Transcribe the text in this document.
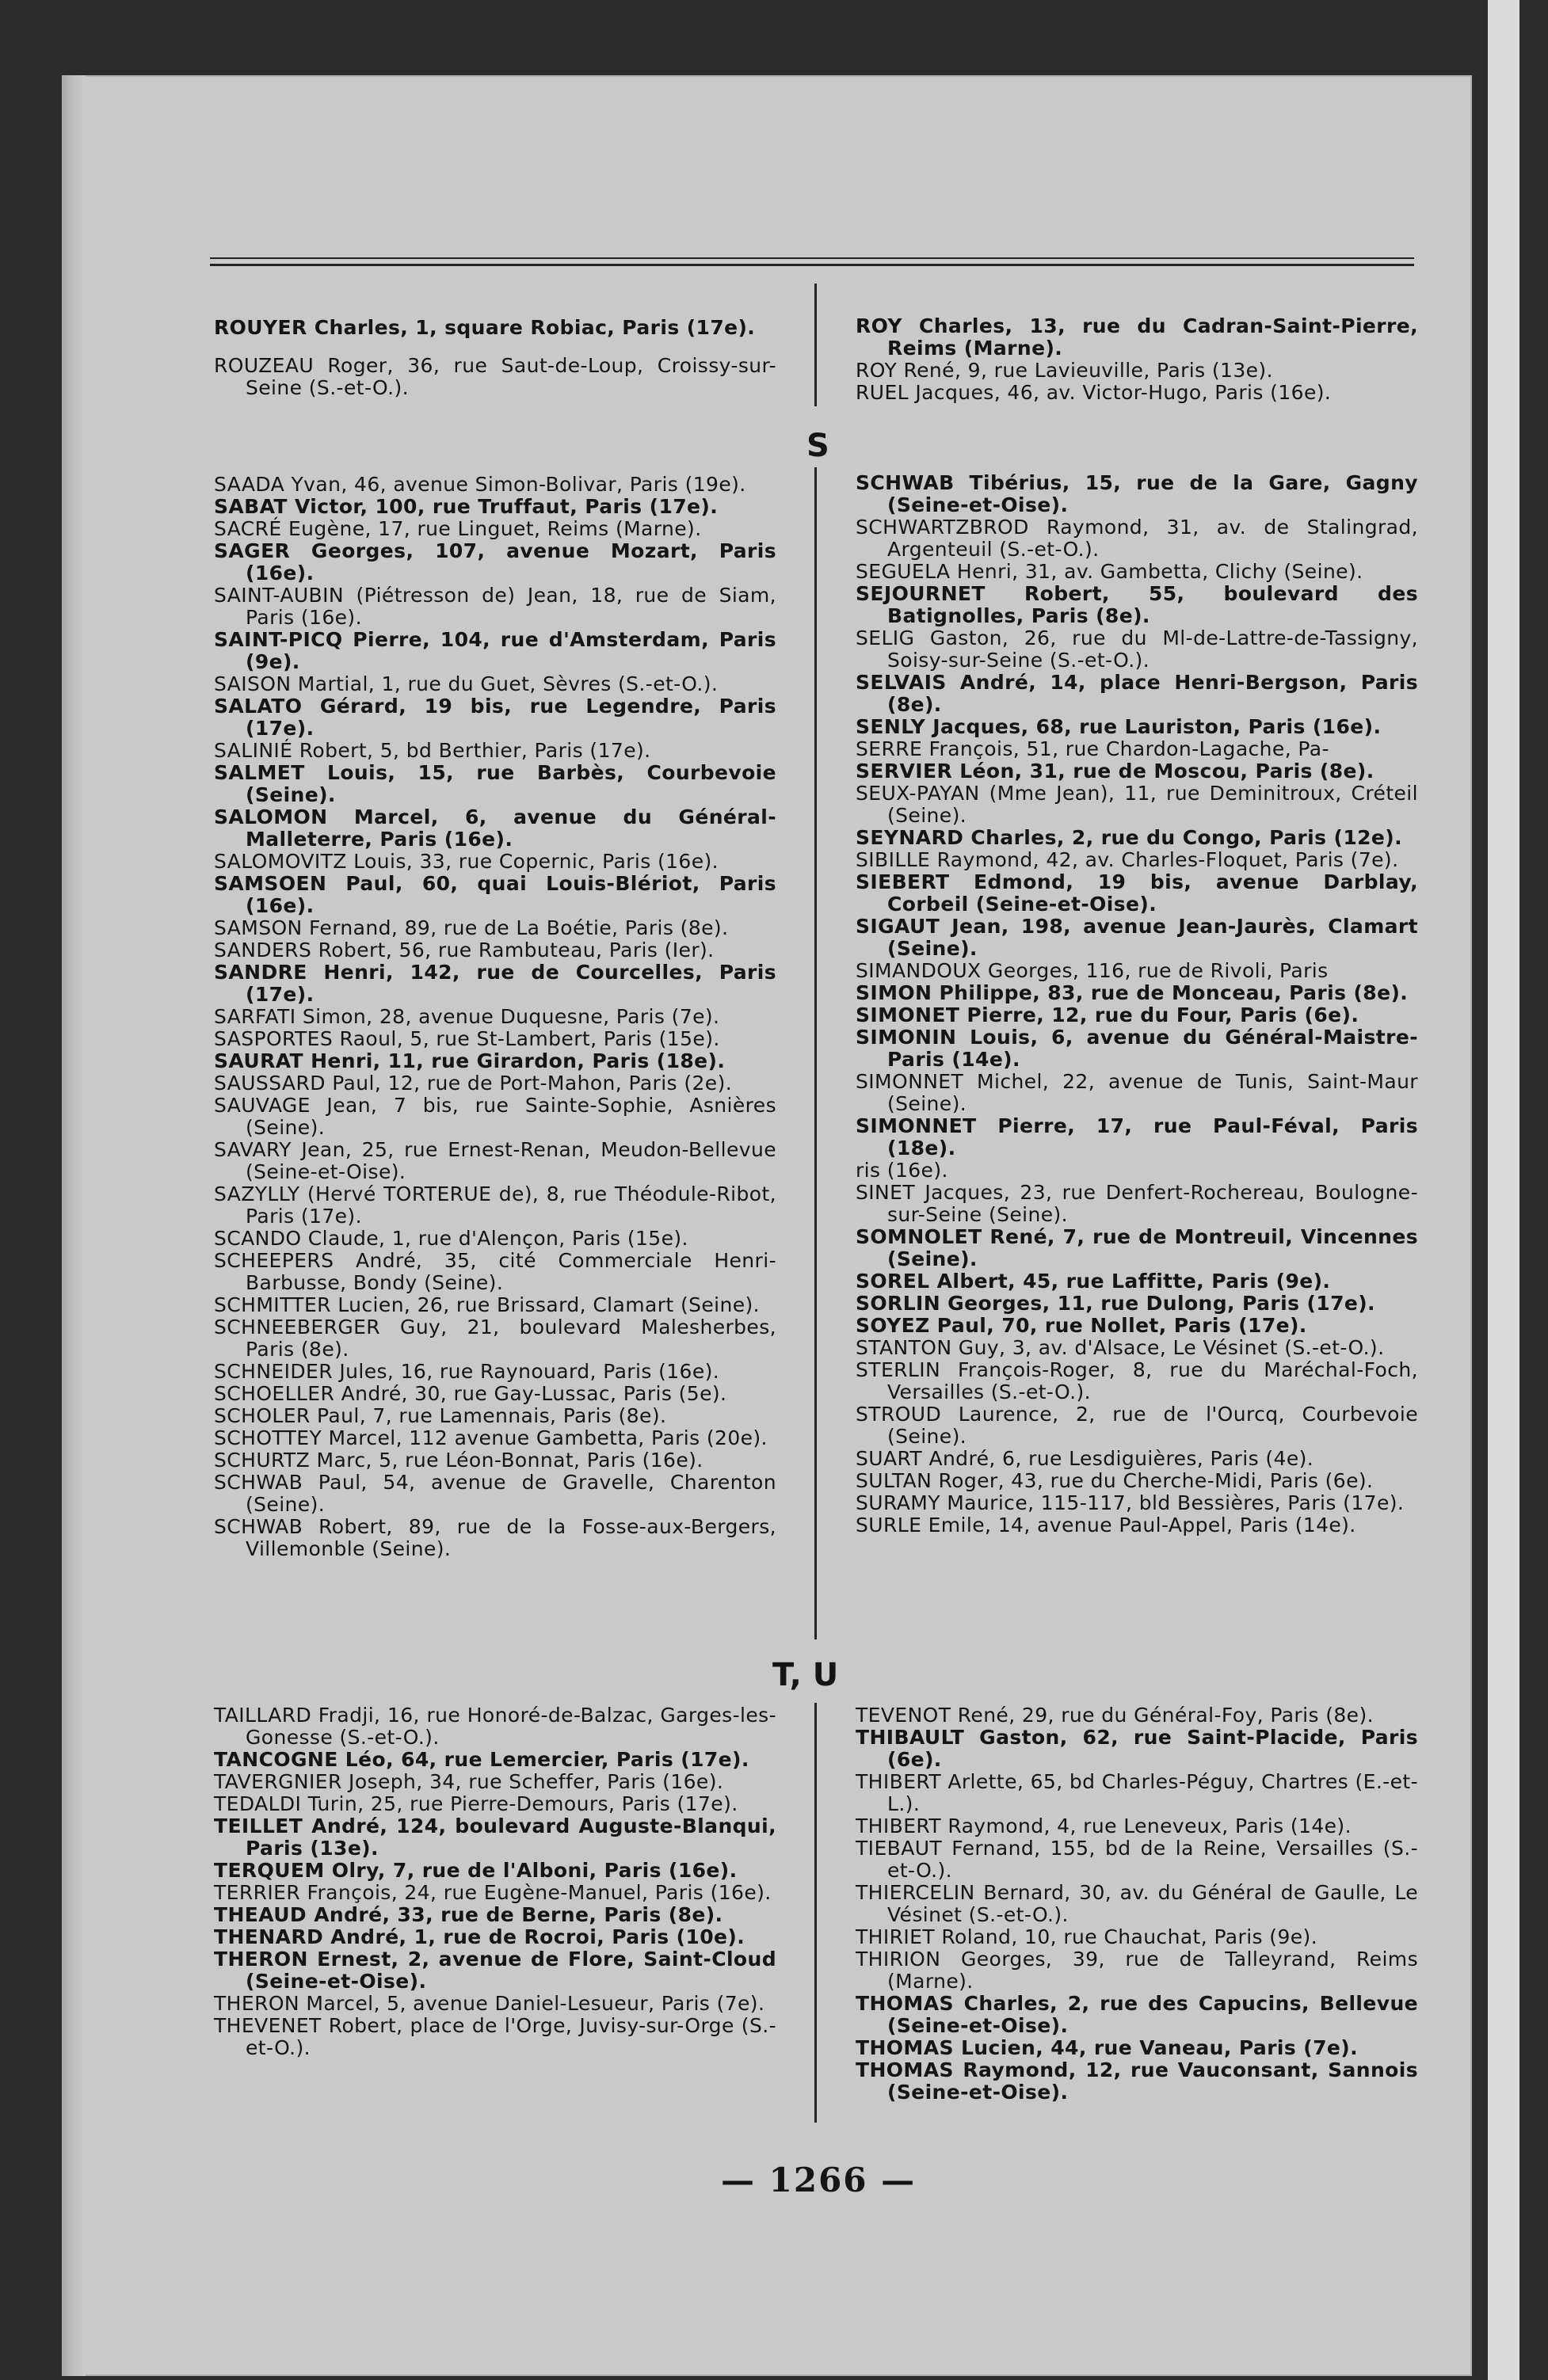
ROUYER Charles, 1, square Robiac, Paris (17e).

ROUZEAU Roger, 36, rue Saut-de-Loup, Croissy-sur-Seine (S.-et-O.).

ROY Charles, 13, rue du Cadran-Saint-Pierre, Reims (Marne).

ROY René, 9, rue Lavieuville, Paris (13e).

RUEL Jacques, 46, av. Victor-Hugo, Paris (16e).

S

SAADA Yvan, 46, avenue Simon-Bolivar, Paris (19e).

SABAT Victor, 100, rue Truffaut, Paris (17e).

SACRÉ Eugène, 17, rue Linguet, Reims (Marne).

SAGER Georges, 107, avenue Mozart, Paris (16e).

SAINT-AUBIN (Piétresson de) Jean, 18, rue de Siam, Paris (16e).

SAINT-PICQ Pierre, 104, rue d'Amsterdam, Paris (9e).

SAISON Martial, 1, rue du Guet, Sèvres (S.-et-O.).

SALATO Gérard, 19 bis, rue Legendre, Paris (17e).

SALINIÉ Robert, 5, bd Berthier, Paris (17e).

SALMET Louis, 15, rue Barbès, Courbevoie (Seine).

SALOMON Marcel, 6, avenue du Général-Malleterre, Paris (16e).

SALOMOVITZ Louis, 33, rue Copernic, Paris (16e).

SAMSOEN Paul, 60, quai Louis-Blériot, Paris (16e).

SAMSON Fernand, 89, rue de La Boétie, Paris (8e).

SANDERS Robert, 56, rue Rambuteau, Paris (Ier).

SANDRE Henri, 142, rue de Courcelles, Paris (17e).

SARFATI Simon, 28, avenue Duquesne, Paris (7e).

SASPORTES Raoul, 5, rue St-Lambert, Paris (15e).

SAURAT Henri, 11, rue Girardon, Paris (18e).

SAUSSARD Paul, 12, rue de Port-Mahon, Paris (2e).

SAUVAGE Jean, 7 bis, rue Sainte-Sophie, Asnières (Seine).

SAVARY Jean, 25, rue Ernest-Renan, Meudon-Bellevue (Seine-et-Oise).

SAZYLLY (Hervé TORTERUE de), 8, rue Théodule-Ribot, Paris (17e).

SCANDO Claude, 1, rue d'Alençon, Paris (15e).

SCHEEPERS André, 35, cité Commerciale Henri-Barbusse, Bondy (Seine).

SCHMITTER Lucien, 26, rue Brissard, Clamart (Seine).

SCHNEEBERGER Guy, 21, boulevard Malesherbes, Paris (8e).

SCHNEIDER Jules, 16, rue Raynouard, Paris (16e).

SCHOELLER André, 30, rue Gay-Lussac, Paris (5e).

SCHOLER Paul, 7, rue Lamennais, Paris (8e).

SCHOTTEY Marcel, 112 avenue Gambetta, Paris (20e).

SCHURTZ Marc, 5, rue Léon-Bonnat, Paris (16e).

SCHWAB Paul, 54, avenue de Gravelle, Charenton (Seine).

SCHWAB Robert, 89, rue de la Fosse-aux-Bergers, Villemonble (Seine).

SCHWAB Tibérius, 15, rue de la Gare, Gagny (Seine-et-Oise).

SCHWARTZBROD Raymond, 31, av. de Stalingrad, Argenteuil (S.-et-O.).

SEGUELA Henri, 31, av. Gambetta, Clichy (Seine).

SEJOURNET Robert, 55, boulevard des Batignolles, Paris (8e).

SELIG Gaston, 26, rue du Ml-de-Lattre-de-Tassigny, Soisy-sur-Seine (S.-et-O.).

SELVAIS André, 14, place Henri-Bergson, Paris (8e).

SENLY Jacques, 68, rue Lauriston, Paris (16e).

SERRE François, 51, rue Chardon-Lagache, Pa-

SERVIER Léon, 31, rue de Moscou, Paris (8e).

SEUX-PAYAN (Mme Jean), 11, rue Deminitroux, Créteil (Seine).

SEYNARD Charles, 2, rue du Congo, Paris (12e).

SIBILLE Raymond, 42, av. Charles-Floquet, Paris (7e).

SIEBERT Edmond, 19 bis, avenue Darblay, Corbeil (Seine-et-Oise).

SIGAUT Jean, 198, avenue Jean-Jaurès, Clamart (Seine).

SIMANDOUX Georges, 116, rue de Rivoli, Paris

SIMON Philippe, 83, rue de Monceau, Paris (8e).

SIMONET Pierre, 12, rue du Four, Paris (6e).

SIMONIN Louis, 6, avenue du Général-Maistre-Paris (14e).

SIMONNET Michel, 22, avenue de Tunis, Saint-Maur (Seine).

SIMONNET Pierre, 17, rue Paul-Féval, Paris (18e).

ris (16e).

SINET Jacques, 23, rue Denfert-Rochereau, Boulogne-sur-Seine (Seine).

SOMNOLET René, 7, rue de Montreuil, Vincennes (Seine).

SOREL Albert, 45, rue Laffitte, Paris (9e).

SORLIN Georges, 11, rue Dulong, Paris (17e).

SOYEZ Paul, 70, rue Nollet, Paris (17e).

STANTON Guy, 3, av. d'Alsace, Le Vésinet (S.-et-O.).

STERLIN François-Roger, 8, rue du Maréchal-Foch, Versailles (S.-et-O.).

STROUD Laurence, 2, rue de l'Ourcq, Courbevoie (Seine).

SUART André, 6, rue Lesdiguières, Paris (4e).

SULTAN Roger, 43, rue du Cherche-Midi, Paris (6e).

SURAMY Maurice, 115-117, bld Bessières, Paris (17e).

SURLE Emile, 14, avenue Paul-Appel, Paris (14e).

T, U

TAILLARD Fradji, 16, rue Honoré-de-Balzac, Garges-les-Gonesse (S.-et-O.).

TANCOGNE Léo, 64, rue Lemercier, Paris (17e).

TAVERGNIER Joseph, 34, rue Scheffer, Paris (16e).

TEDALDI Turin, 25, rue Pierre-Demours, Paris (17e).

TEILLET André, 124, boulevard Auguste-Blanqui, Paris (13e).

TERQUEM Olry, 7, rue de l'Alboni, Paris (16e).

TERRIER François, 24, rue Eugène-Manuel, Paris (16e).

THEAUD André, 33, rue de Berne, Paris (8e).

THENARD André, 1, rue de Rocroi, Paris (10e).

THERON Ernest, 2, avenue de Flore, Saint-Cloud (Seine-et-Oise).

THERON Marcel, 5, avenue Daniel-Lesueur, Paris (7e).

THEVENET Robert, place de l'Orge, Juvisy-sur-Orge (S.-et-O.).

TEVENOT René, 29, rue du Général-Foy, Paris (8e).

THIBAULT Gaston, 62, rue Saint-Placide, Paris (6e).

THIBERT Arlette, 65, bd Charles-Péguy, Chartres (E.-et-L.).

THIBERT Raymond, 4, rue Leneveux, Paris (14e).

TIEBAUT Fernand, 155, bd de la Reine, Versailles (S.-et-O.).

THIERCELIN Bernard, 30, av. du Général de Gaulle, Le Vésinet (S.-et-O.).

THIRIET Roland, 10, rue Chauchat, Paris (9e).

THIRION Georges, 39, rue de Talleyrand, Reims (Marne).

THOMAS Charles, 2, rue des Capucins, Bellevue (Seine-et-Oise).

THOMAS Lucien, 44, rue Vaneau, Paris (7e).

THOMAS Raymond, 12, rue Vauconsant, Sannois (Seine-et-Oise).

— 1266 —
